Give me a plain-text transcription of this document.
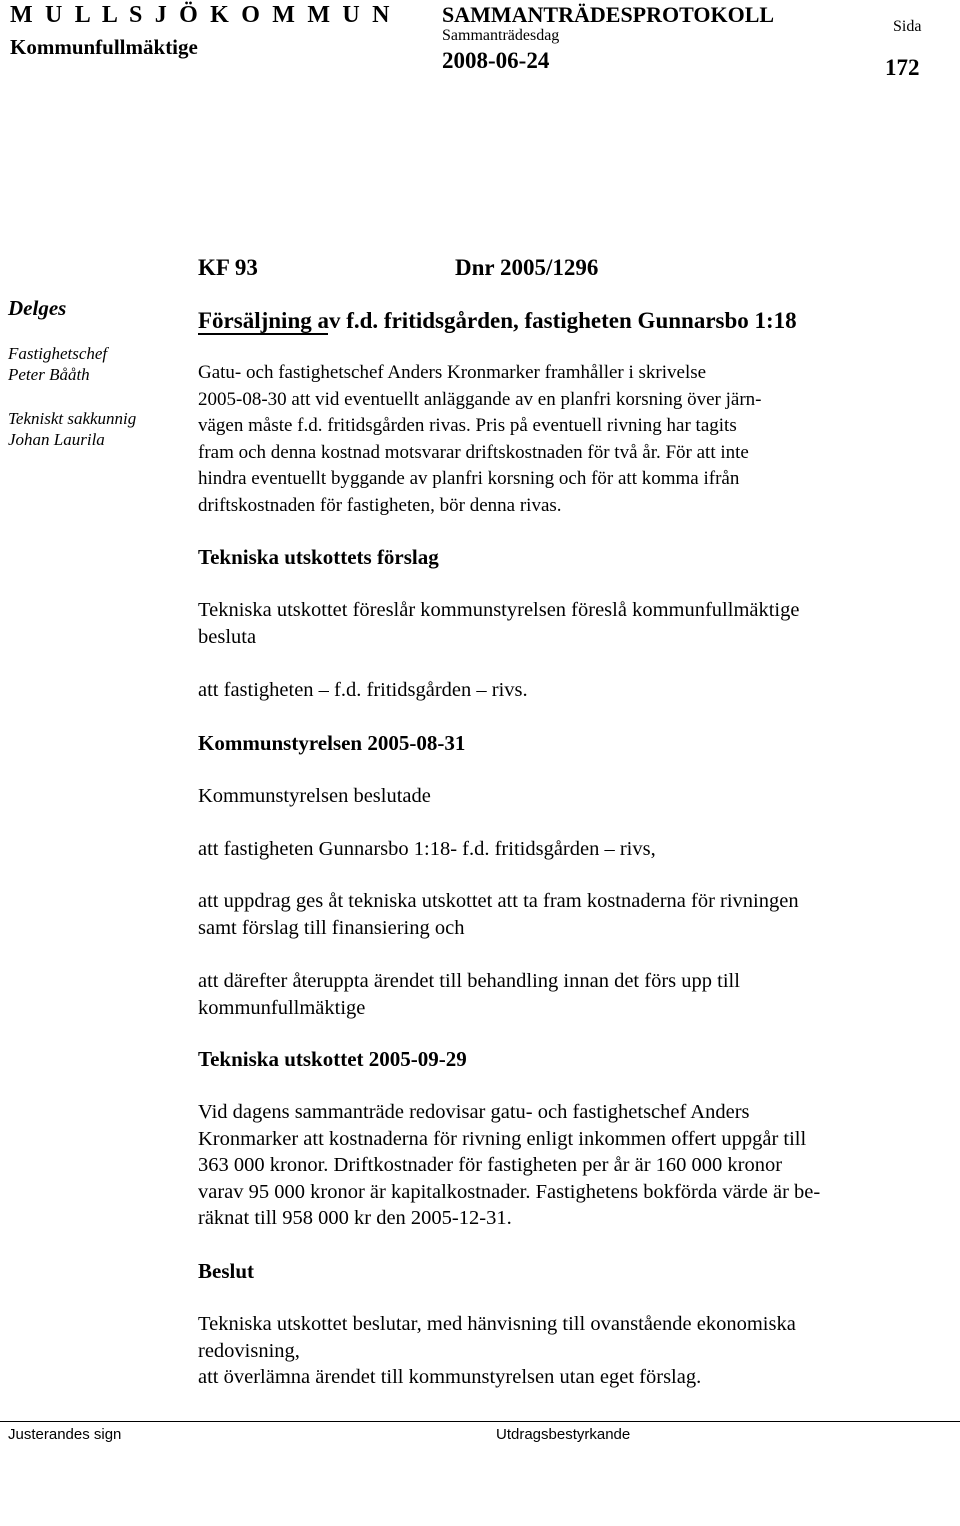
M U L L S J Ö K O M M U N
Kommunfullmäktige
SAMMANTRÄDESPROTOKOLL
Sammanträdesdag
2008-06-24
Sida
172
Delges
Fastighetschef
Peter Bååth
Tekniskt sakkunnig
Johan Laurila
KF 93	Dnr 2005/1296
Försäljning av f.d. fritidsgården, fastigheten Gunnarsbo 1:18
Gatu- och fastighetschef Anders Kronmarker framhåller i skrivelse
2005-08-30 att vid eventuellt anläggande av en planfri korsning över järn-
vägen måste f.d. fritidsgården rivas. Pris på eventuell rivning har tagits
fram och denna kostnad motsvarar driftskostnaden för två år. För att inte
hindra eventuellt byggande av planfri korsning och för att komma ifrån
driftskostnaden för fastigheten, bör denna rivas.
Tekniska utskottets förslag
Tekniska utskottet föreslår kommunstyrelsen föreslå kommunfullmäktige
besluta
att fastigheten – f.d. fritidsgården – rivs.
Kommunstyrelsen 2005-08-31
Kommunstyrelsen beslutade
att fastigheten Gunnarsbo 1:18- f.d. fritidsgården – rivs,
att uppdrag ges åt tekniska utskottet att ta fram kostnaderna för rivningen
samt förslag till finansiering och
att därefter återuppta ärendet till behandling innan det förs upp till
kommunfullmäktige
Tekniska utskottet 2005-09-29
Vid dagens sammanträde redovisar gatu- och fastighetschef Anders
Kronmarker att kostnaderna för rivning enligt inkommen offert uppgår till
363 000 kronor. Driftkostnader för fastigheten per år är 160 000 kronor
varav 95 000 kronor är kapitalkostnader. Fastighetens bokförda värde är be-
räknat till 958 000 kr den 2005-12-31.
Beslut
Tekniska utskottet beslutar, med hänvisning till ovanstående ekonomiska
redovisning,
att överlämna ärendet till kommunstyrelsen utan eget förslag.
Justerandes sign	Utdragsbestyrkande
